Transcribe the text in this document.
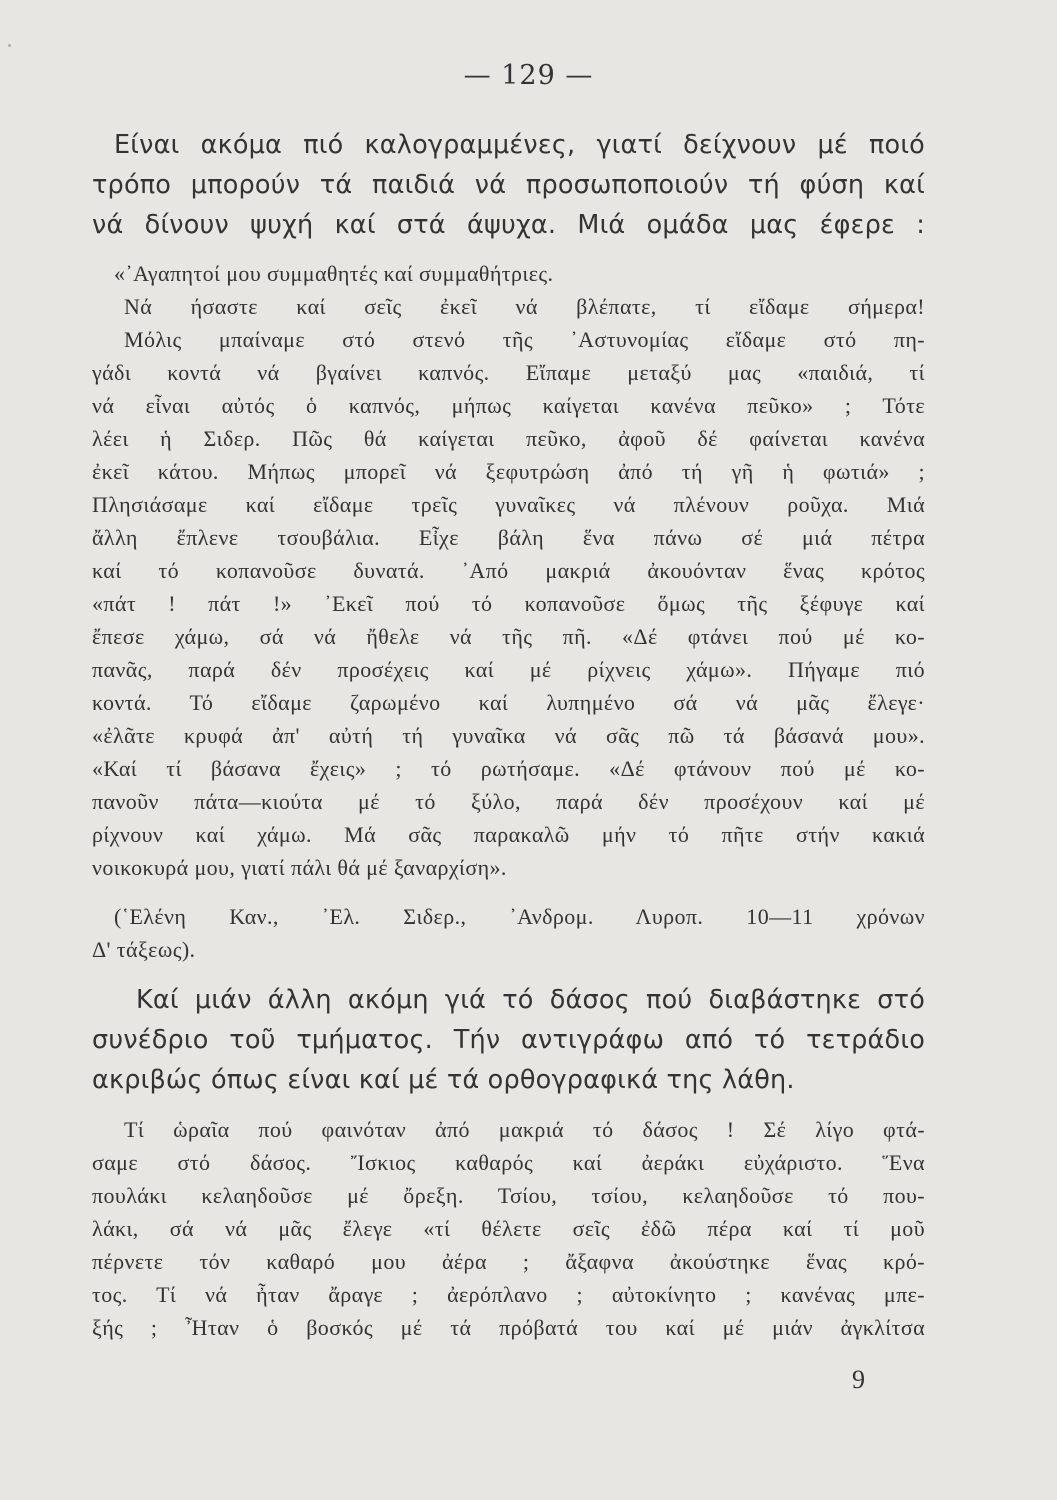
— 129 —
Είναι ακόμα πιό καλογραμμένες, γιατί δείχνουν μέ ποιό
τρόπο μπορούν τά παιδιά νά προσωποποιούν τή φύση καί
νά δίνουν ψυχή καί στά άψυχα. Μιά ομάδα μας έφερε :
«᾿Αγαπητοί μου συμμαθητές καί συμμαθήτριες.
Νά ήσαστε καί σεῖς ἐκεῖ νά βλέπατε, τί εἴδαμε σήμερα!
Μόλις μπαίναμε στό στενό τῆς ᾿Αστυνομίας εἴδαμε στό πη-
γάδι κοντά νά βγαίνει καπνός. Εἴπαμε μεταξύ μας «παιδιά, τί
νά εἶναι αὐτός ὁ καπνός, μήπως καίγεται κανένα πεῦκο» ; Τότε
λέει ἡ Σιδερ. Πῶς θά καίγεται πεῦκο, ἀφοῦ δέ φαίνεται κανένα
ἐκεῖ κάτου. Μήπως μπορεῖ νά ξεφυτρώση ἀπό τή γῆ ἡ φωτιά» ;
Πλησιάσαμε καί εἴδαμε τρεῖς γυναῖκες νά πλένουν ροῦχα. Μιά
ἄλλη ἔπλενε τσουβάλια. Εἶχε βάλη ἕνα πάνω σέ μιά πέτρα
καί τό κοπανοῦσε δυνατά. ᾿Από μακριά ἀκουόνταν ἕνας κρότος
«πάτ ! πάτ !» ᾿Εκεῖ πού τό κοπανοῦσε ὅμως τῆς ξέφυγε καί
ἔπεσε χάμω, σά νά ἤθελε νά τῆς πῆ. «Δέ φτάνει πού μέ κο-
πανᾶς, παρά δέν προσέχεις καί μέ ρίχνεις χάμω». Πήγαμε πιό
κοντά. Τό εἴδαμε ζαρωμένο καί λυπημένο σά νά μᾶς ἔλεγε·
«ἐλᾶτε κρυφά ἀπ' αὐτή τή γυναῖκα νά σᾶς πῶ τά βάσανά μου».
«Καί τί βάσανα ἔχεις» ; τό ρωτήσαμε. «Δέ φτάνουν πού μέ κο-
πανοῦν πάτα—κιούτα μέ τό ξύλο, παρά δέν προσέχουν καί μέ
ρίχνουν καί χάμω. Μά σᾶς παρακαλῶ μήν τό πῆτε στήν κακιά
νοικοκυρά μου, γιατί πάλι θά μέ ξαναρχίση».
(῾Ελένη Καν., ᾿Ελ. Σιδερ., ᾿Ανδρομ. Λυροπ. 10—11 χρόνων
Δ' τάξεως).
Καί μιάν άλλη ακόμη γιά τό δάσος πού διαβάστηκε στό
συνέδριο τοῦ τμήματος. Τήν αντιγράφω από τό τετράδιο
ακριβώς όπως είναι καί μέ τά ορθογραφικά της λάθη.
Τί ὡραῖα πού φαινόταν ἀπό μακριά τό δάσος ! Σέ λίγο φτά-
σαμε στό δάσος. Ἴσκιος καθαρός καί ἀεράκι εὐχάριστο. Ἕνα
πουλάκι κελαηδοῦσε μέ ὄρεξη. Τσίου, τσίου, κελαηδοῦσε τό που-
λάκι, σά νά μᾶς ἔλεγε «τί θέλετε σεῖς ἐδῶ πέρα καί τί μοῦ
πέρνετε τόν καθαρό μου ἀέρα ; ἄξαφνα ἀκούστηκε ἕνας κρό-
τος. Τί νά ἦταν ἄραγε ; ἀερόπλανο ; αὐτοκίνητο ; κανένας μπε-
ξής ; Ἦταν ὁ βοσκός μέ τά πρόβατά του καί μέ μιάν ἀγκλίτσα
9
